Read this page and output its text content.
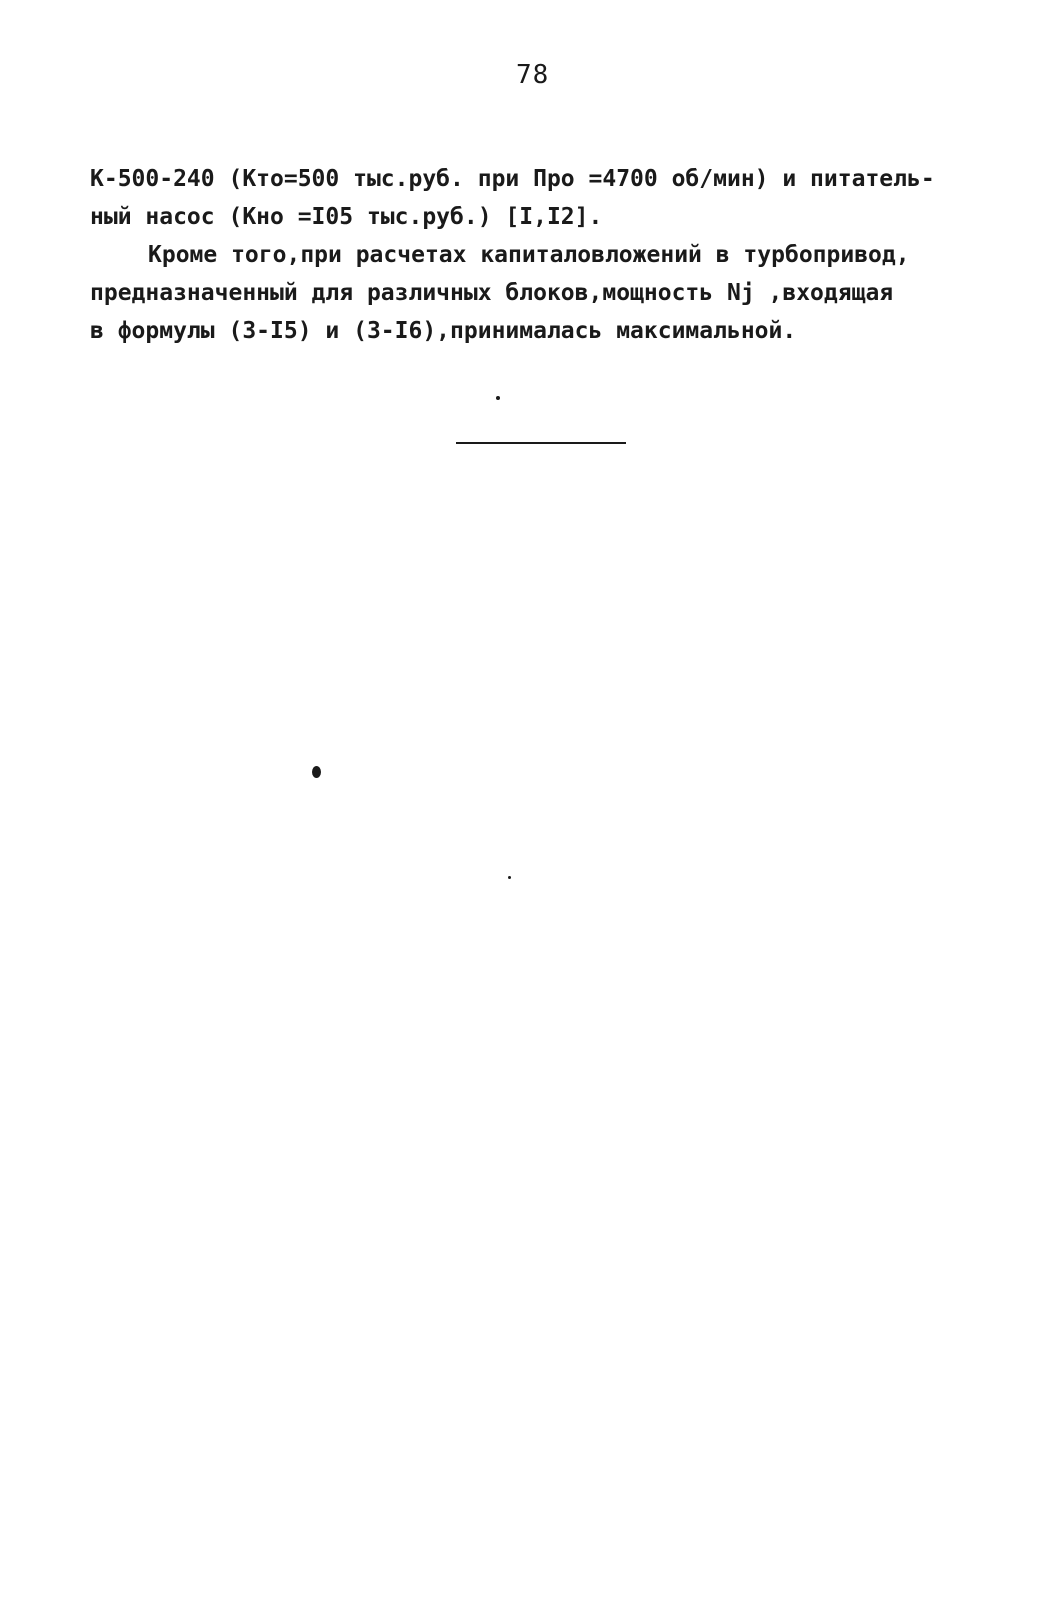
78
К-500-240 (Кто=500 тыс.руб. при Про =4700 об/мин) и питатель-
ный насос (Кно =I05 тыс.руб.) [I,I2].
Кроме того,при расчетах капиталовложений в турбопривод,
предназначенный для различных блоков,мощность Nj ,входящая
в формулы (3-I5) и (3-I6),принималась максимальной.
